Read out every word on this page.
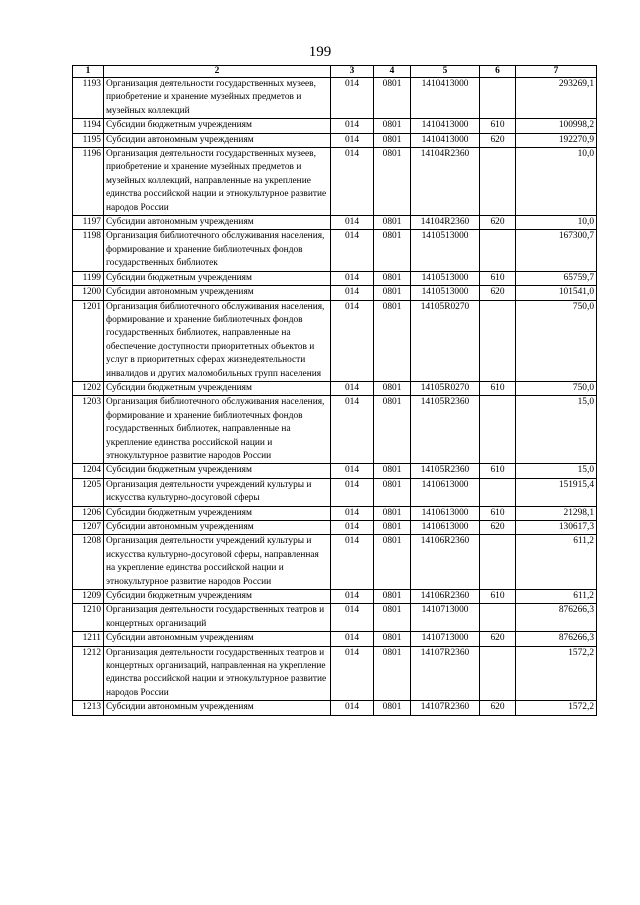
199
1	2	3	4	5	6	7
1193	Организация деятельности государственных музеев, приобретение и хранение музейных предметов и музейных коллекций	014	0801	1410413000		293269,1
1194	Субсидии бюджетным учреждениям	014	0801	1410413000	610	100998,2
1195	Субсидии автономным учреждениям	014	0801	1410413000	620	192270,9
1196	Организация деятельности государственных музеев, приобретение и хранение музейных предметов и музейных коллекций, направленные на укрепление единства российской нации и этнокультурное развитие народов России	014	0801	14104R2360		10,0
1197	Субсидии автономным учреждениям	014	0801	14104R2360	620	10,0
1198	Организация библиотечного обслуживания населения, формирование и хранение библиотечных фондов государственных библиотек	014	0801	1410513000		167300,7
1199	Субсидии бюджетным учреждениям	014	0801	1410513000	610	65759,7
1200	Субсидии автономным учреждениям	014	0801	1410513000	620	101541,0
1201	Организация библиотечного обслуживания населения, формирование и хранение библиотечных фондов государственных библиотек, направленные на обеспечение доступности приоритетных объектов и услуг в приоритетных сферах жизнедеятельности инвалидов и других маломобильных групп населения	014	0801	14105R0270		750,0
1202	Субсидии бюджетным учреждениям	014	0801	14105R0270	610	750,0
1203	Организация библиотечного обслуживания населения, формирование и хранение библиотечных фондов государственных библиотек, направленные на укрепление единства российской нации и этнокультурное развитие народов России	014	0801	14105R2360		15,0
1204	Субсидии бюджетным учреждениям	014	0801	14105R2360	610	15,0
1205	Организация деятельности учреждений культуры и искусства культурно-досуговой сферы	014	0801	1410613000		151915,4
1206	Субсидии бюджетным учреждениям	014	0801	1410613000	610	21298,1
1207	Субсидии автономным учреждениям	014	0801	1410613000	620	130617,3
1208	Организация деятельности учреждений культуры и искусства культурно-досуговой сферы, направленная на укрепление единства российской нации и этнокультурное развитие народов России	014	0801	14106R2360		611,2
1209	Субсидии бюджетным учреждениям	014	0801	14106R2360	610	611,2
1210	Организация деятельности государственных театров и концертных организаций	014	0801	1410713000		876266,3
1211	Субсидии автономным учреждениям	014	0801	1410713000	620	876266,3
1212	Организация деятельности государственных театров и концертных организаций, направленная на укрепление единства российской нации и этнокультурное развитие народов России	014	0801	14107R2360		1572,2
1213	Субсидии автономным учреждениям	014	0801	14107R2360	620	1572,2
